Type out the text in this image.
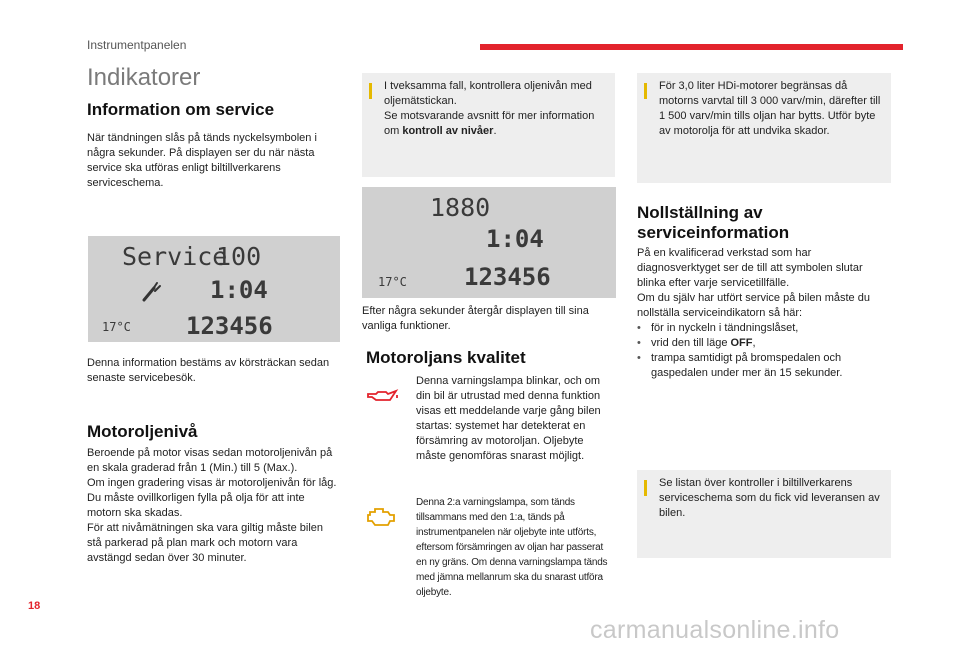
Instrumentpanelen
Indikatorer
Information om service
När tändningen slås på tänds nyckelsymbolen i några sekunder. På displayen ser du när nästa service ska utföras enligt biltillverkarens serviceschema.
Service
100
1:04
17°C 123456
Denna information bestäms av körsträckan sedan senaste servicebesök.
Motoroljenivå

Beroende på motor visas sedan motoroljenivån på en skala graderad från 1 (Min.) till 5 (Max.).

Om ingen gradering visas är motoroljenivån för låg. Du måste ovillkorligen fylla på olja för att inte motorn ska skadas.

För att nivåmätningen ska vara giltig måste bilen stå parkerad på plan mark och motorn vara avstängd sedan över 30 minuter.

I tveksamma fall, kontrollera oljenivån med oljemätstickan.
Se motsvarande avsnitt för mer information om kontroll av nivåer.
1880
1:04
17°C 123456
Efter några sekunder återgår displayen till sina vanliga funktioner.
Motoroljans kvalitet
Denna varningslampa blinkar, och om din bil är utrustad med denna funktion visas ett meddelande varje gång bilen startas: systemet har detekterat en försämring av motoroljan. Oljebyte måste genomföras snarast möjligt.
Denna 2:a varningslampa, som tänds tillsammans med den 1:a, tänds på instrumentpanelen när oljebyte inte utförts, eftersom försämringen av oljan har passerat en ny gräns. Om denna varningslampa tänds med jämna mellanrum ska du snarast utföra oljebyte.
För 3,0 liter HDi-motorer begränsas då motorns varvtal till 3 000 varv/min, därefter till 1 500 varv/min tills oljan har bytts. Utför byte av motorolja för att undvika skador.
Nollställning av serviceinformation

På en kvalificerad verkstad som har diagnosverktyget ser de till att symbolen slutar blinka efter varje servicetillfälle.

Om du själv har utfört service på bilen måste du nollställa serviceindikatorn så här:

• för in nyckeln i tändningslåset,
• vrid den till läge OFF,
• trampa samtidigt på bromspedalen och gaspedalen under mer än 15 sekunder.
Se listan över kontroller i biltillverkarens serviceschema som du fick vid leveransen av bilen.
18
carmanualsonline.info
